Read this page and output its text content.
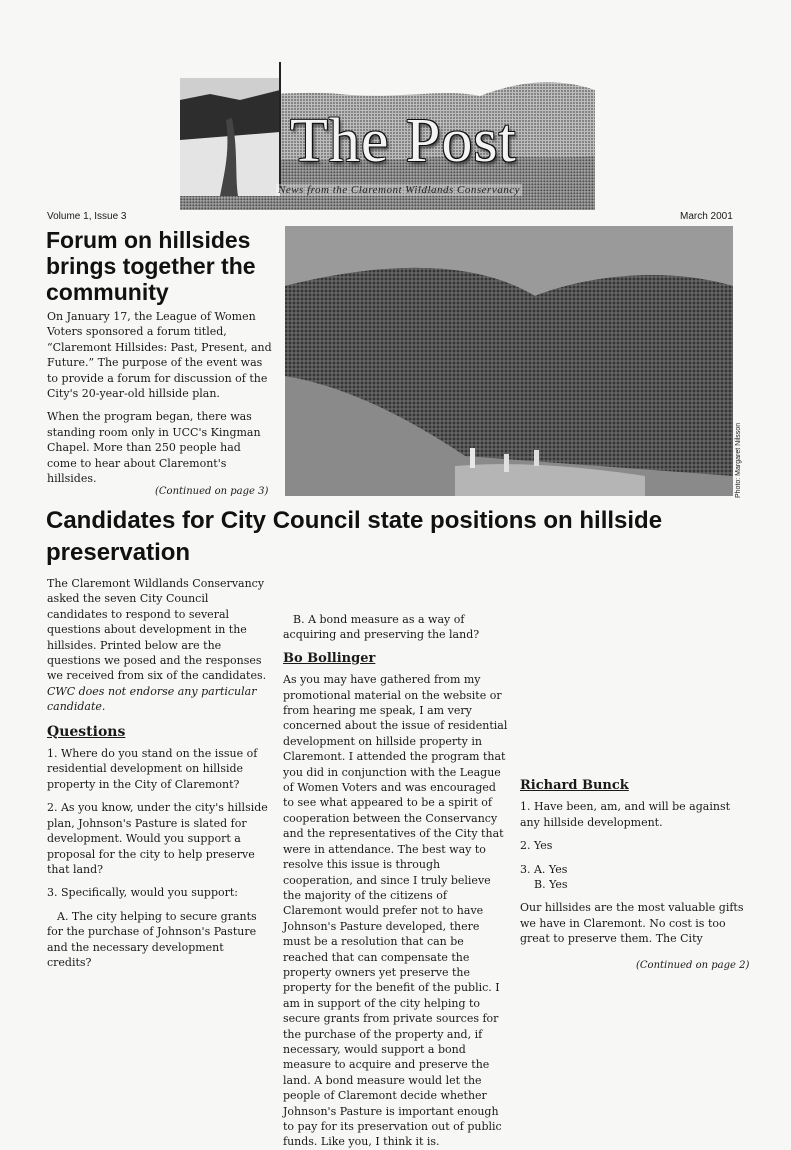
The Post
News from the Claremont Wildlands Conservancy
Volume 1, Issue 3	March 2001
Forum on hillsides brings together the community

On January 17, the League of Women Voters sponsored a forum titled, “Claremont Hillsides: Past, Present, and Future.” The purpose of the event was to provide a forum for discussion of the City's 20-year-old hillside plan.

When the program began, there was standing room only in UCC's Kingman Chapel. More than 250 people had come to hear about Claremont's hillsides.

(Continued on page 3)	Photo: Margaret Nilsson
Candidates for City Council state positions on hillside preservation

The Claremont Wildlands Conservancy asked the seven City Council candidates to respond to several questions about development in the hillsides. Printed below are the questions we posed and the responses we received from six of the candidates. CWC does not endorse any particular candidate.

Questions

1. Where do you stand on the issue of residential development on hillside property in the City of Claremont?

2. As you know, under the city's hillside plan, Johnson's Pasture is slated for development. Would you support a proposal for the city to help preserve that land?

3. Specifically, would you support:

A. The city helping to secure grants for the purchase of Johnson's Pasture and the necessary development credits?

B. A bond measure as a way of acquiring and preserving the land?

Bo Bollinger

As you may have gathered from my promotional material on the website or from hearing me speak, I am very concerned about the issue of residential development on hillside property in Claremont. I attended the program that you did in conjunction with the League of Women Voters and was encouraged to see what appeared to be a spirit of cooperation between the Conservancy and the representatives of the City that were in attendance. The best way to resolve this issue is through cooperation, and since I truly believe the majority of the citizens of Claremont would prefer not to have Johnson's Pasture developed, there must be a resolution that can be reached that can compensate the property owners yet preserve the property for the benefit of the public. I am in support of the city helping to secure grants from private sources for the purchase of the property and, if necessary, would support a bond measure to acquire and preserve the land. A bond measure would let the people of Claremont decide whether Johnson's Pasture is important enough to pay for its preservation out of public funds. Like you, I think it is.

Richard Bunck

1. Have been, am, and will be against any hillside development.

2. Yes

3. A. Yes

B. Yes

Our hillsides are the most valuable gifts we have in Claremont. No cost is too great to preserve them. The City

(Continued on page 2)
